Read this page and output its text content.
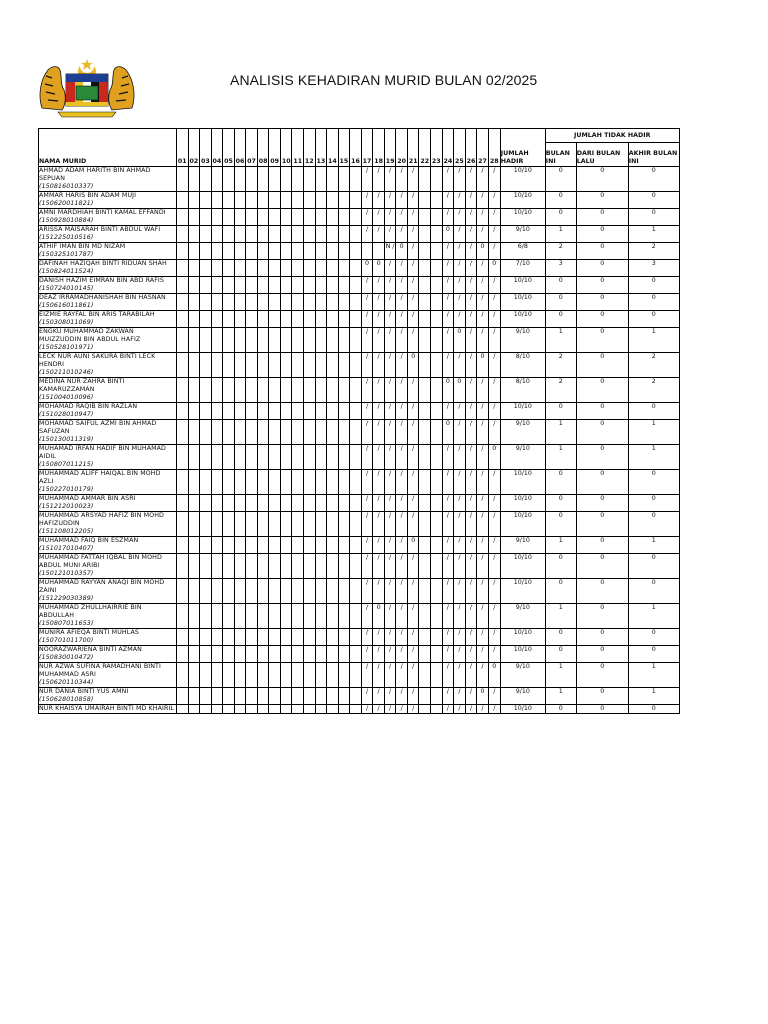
ANALISIS KEHADIRAN MURID BULAN 02/2025
NAMA MURID	01	02	03	04	05	06	07	08	09	10	11	12	13	14	15	16	17	18	19	20	21	22	23	24	25	26	27	28	JUMLAH HADIR	JUMLAH TIDAK HADIR		
																														BULAN INI	DARI BULAN LALU	AKHIR BULAN INI

AHMAD ADAM HARITH BIN AHMAD SEPUAN
(150816010337)																	/	/	/	/	/			/	/	/	/	/	10/10	0	0	0

AMMAR HARIS BIN ADAM MUJI
(150620011821)																	/	/	/	/	/			/	/	/	/	/	10/10	0	0	0

AMNI MARDHIAH BINTI KAMAL EFFANDI
(150928010884)																	/	/	/	/	/			/	/	/	/	/	10/10	0	0	0

ARISSA MAISARAH BINTI ABDUL WAFI
(151225010516)																	/	/	/	/	/			0	/	/	/	/	9/10	1	0	1

ATHIF IMAN BIN MD NIZAM
(150325101787)																			N /	0	/			/	/	/	0	/	6/8	2	0	2

DAFINAH HAZIQAH BINTI RIDUAN SHAH
(150824011524)																	0	0	/	/	/			/	/	/	/	0	7/10	3	0	3

DANISH HAZIM EIMRAN BIN ABD RAFIS
(150724010145)																	/	/	/	/	/			/	/	/	/	/	10/10	0	0	0

DEAZ IRRAMADHANISHAH BIN HASNAN
(150616011861)																	/	/	/	/	/			/	/	/	/	/	10/10	0	0	0

EIZMIE RAYFAL BIN ARIS TARABILAH
(150308011069)																	/	/	/	/	/			/	/	/	/	/	10/10	0	0	0

ENGKU MUHAMMAD ZAKWAN MUIZZUDDIN BIN ABDUL HAFIZ
(150528101971)																	/	/	/	/	/			/	0	/	/	/	9/10	1	0	1

LECK NUR AUNI SAKURA BINTI LECK HENDRI
(150211010246)																	/	/	/	/	0			/	/	/	0	/	8/10	2	0	2

MEDINA NUR ZAHRA BINTI KAMARUZZAMAN
(151004010096)																	/	/	/	/	/			0	0	/	/	/	8/10	2	0	2

MOHAMAD RAQIB BIN RAZLAN
(151028010947)																	/	/	/	/	/			/	/	/	/	/	10/10	0	0	0

MOHAMAD SAIFUL AZMI BIN AHMAD SAFUZAN
(150130011319)																	/	/	/	/	/			0	/	/	/	/	9/10	1	0	1

MUHAMAD IRFAN HADIF BIN MUHAMAD AIDIL
(150807011215)																	/	/	/	/	/			/	/	/	/	0	9/10	1	0	1

MUHAMMAD ALIFF HAIQAL BIN MOHD AZLI
(150227010179)																	/	/	/	/	/			/	/	/	/	/	10/10	0	0	0

MUHAMMAD AMMAR BIN ASRI
(151212010023)																	/	/	/	/	/			/	/	/	/	/	10/10	0	0	0

MUHAMMAD ARSYAD HAFIZ BIN MOHD HAFIZUDDIN
(151108012205)																	/	/	/	/	/			/	/	/	/	/	10/10	0	0	0

MUHAMMAD FAIQ BIN ESZMAN
(151017010407)																	/	/	/	/	0			/	/	/	/	/	9/10	1	0	1

MUHAMMAD FATTAH IQBAL BIN MOHD ABDUL MUNI ARIBI
(150121010357)																	/	/	/	/	/			/	/	/	/	/	10/10	0	0	0

MUHAMMAD RAYYAN ANAQI BIN MOHD ZAINI
(151229030389)																	/	/	/	/	/			/	/	/	/	/	10/10	0	0	0

MUHAMMAD ZHULLHAIRRIE BIN ABDULLAH
(150807011653)																	/	0	/	/	/			/	/	/	/	/	9/10	1	0	1

MUNIRA AFIEQA BINTI MUHLAS
(150701011700)																	/	/	/	/	/			/	/	/	/	/	10/10	0	0	0

NOORAZWARIENA BINTI AZMAN
(150830010472)																	/	/	/	/	/			/	/	/	/	/	10/10	0	0	0

NUR AZWA SUFINA RAMADHANI BINTI MUHAMMAD ASRI
(150620110344)																	/	/	/	/	/			/	/	/	/	0	9/10	1	0	1

NUR DANIA BINTI YUS AMNI
(150628010858)																	/	/	/	/	/			/	/	/	0	/	9/10	1	0	1

NUR KHAISYA UMAIRAH BINTI MD KHAIRIL																	/	/	/	/	/			/	/	/	/	/	10/10	0	0	0
